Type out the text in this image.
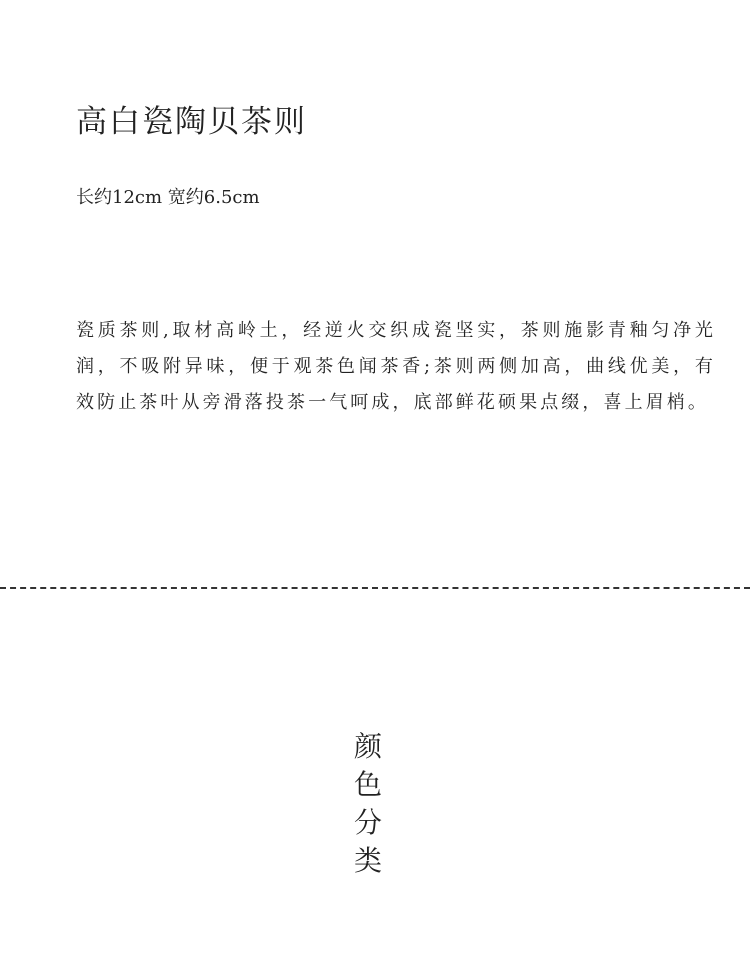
高白瓷陶贝茶则
长约12cm 宽约6.5cm

瓷质茶则,取材高岭土，经逆火交织成瓷坚实，茶则施影青釉匀净光润，不吸附异味，便于观茶色闻茶香;茶则两侧加高，曲线优美，有效防止茶叶从旁滑落投茶一气呵成，底部鲜花硕果点缀，喜上眉梢。

颜色分类
